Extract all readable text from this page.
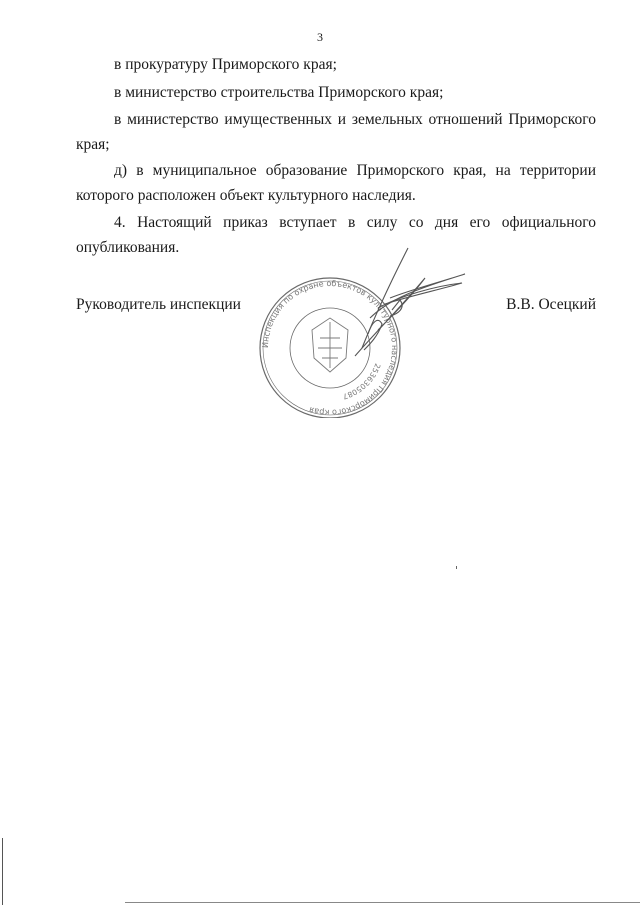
3

в прокуратуру Приморского края;

в министерство строительства Приморского края;

в министерство имущественных и земельных отношений Приморского края;

д) в муниципальное образование Приморского края, на территории которого расположен объект культурного наследия.

4. Настоящий приказ вступает в силу со дня его официального опубликования.

Руководитель инспекции	В.В. Осецкий
Инспекция по охране объектов культурного наследия Приморского края
2536305087
